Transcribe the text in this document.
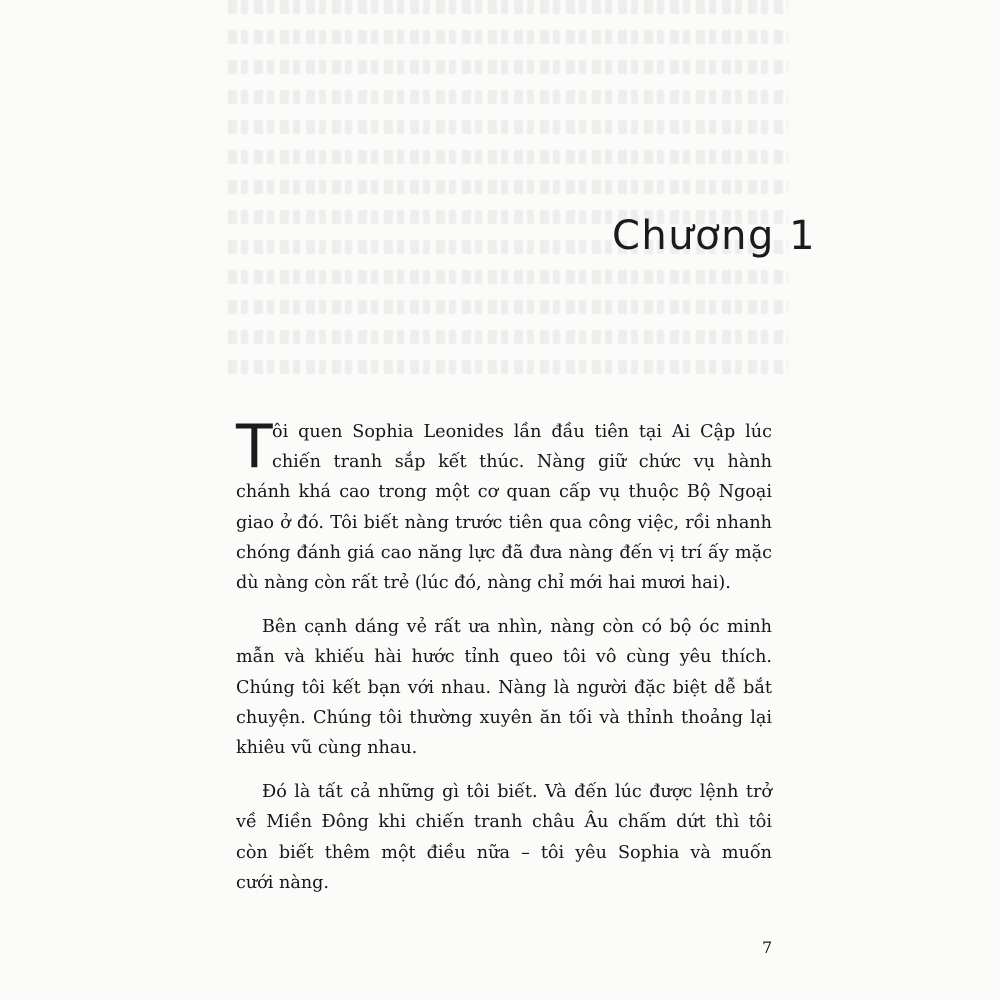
Chương 1
T ôi quen Sophia Leonides lần đầu tiên tại Ai Cập lúc
chiến tranh sắp kết thúc. Nàng giữ chức vụ hành
chánh khá cao trong một cơ quan cấp vụ thuộc Bộ Ngoại
giao ở đó. Tôi biết nàng trước tiên qua công việc, rồi nhanh
chóng đánh giá cao năng lực đã đưa nàng đến vị trí ấy mặc
dù nàng còn rất trẻ (lúc đó, nàng chỉ mới hai mươi hai).
Bên cạnh dáng vẻ rất ưa nhìn, nàng còn có bộ óc minh
mẫn và khiếu hài hước tỉnh queo tôi vô cùng yêu thích.
Chúng tôi kết bạn với nhau. Nàng là người đặc biệt dễ bắt
chuyện. Chúng tôi thường xuyên ăn tối và thỉnh thoảng lại
khiêu vũ cùng nhau.
Đó là tất cả những gì tôi biết. Và đến lúc được lệnh trở
về Miền Đông khi chiến tranh châu Âu chấm dứt thì tôi
còn biết thêm một điều nữa – tôi yêu Sophia và muốn
cưới nàng.
7
